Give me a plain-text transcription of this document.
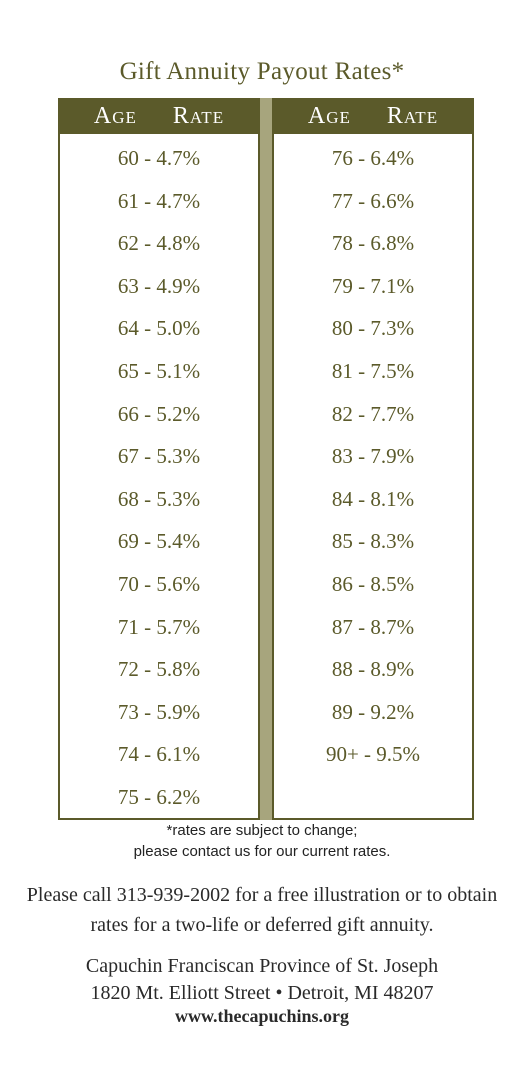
Gift Annuity Payout Rates*
Age Rate
60 - 4.7%
61 - 4.7%
62 - 4.8%
63 - 4.9%
64 - 5.0%
65 - 5.1%
66 - 5.2%
67 - 5.3%
68 - 5.3%
69 - 5.4%
70 - 5.6%
71 - 5.7%
72 - 5.8%
73 - 5.9%
74 - 6.1%
75 - 6.2%
Age Rate
76 - 6.4%
77 - 6.6%
78 - 6.8%
79 - 7.1%
80 - 7.3%
81 - 7.5%
82 - 7.7%
83 - 7.9%
84 - 8.1%
85 - 8.3%
86 - 8.5%
87 - 8.7%
88 - 8.9%
89 - 9.2%
90+ - 9.5%
*rates are subject to change;
please contact us for our current rates.
Please call 313-939-2002 for a free illustration or to obtain
rates for a two-life or deferred gift annuity.
Capuchin Franciscan Province of St. Joseph
1820 Mt. Elliott Street • Detroit, MI 48207
www.thecapuchins.org
